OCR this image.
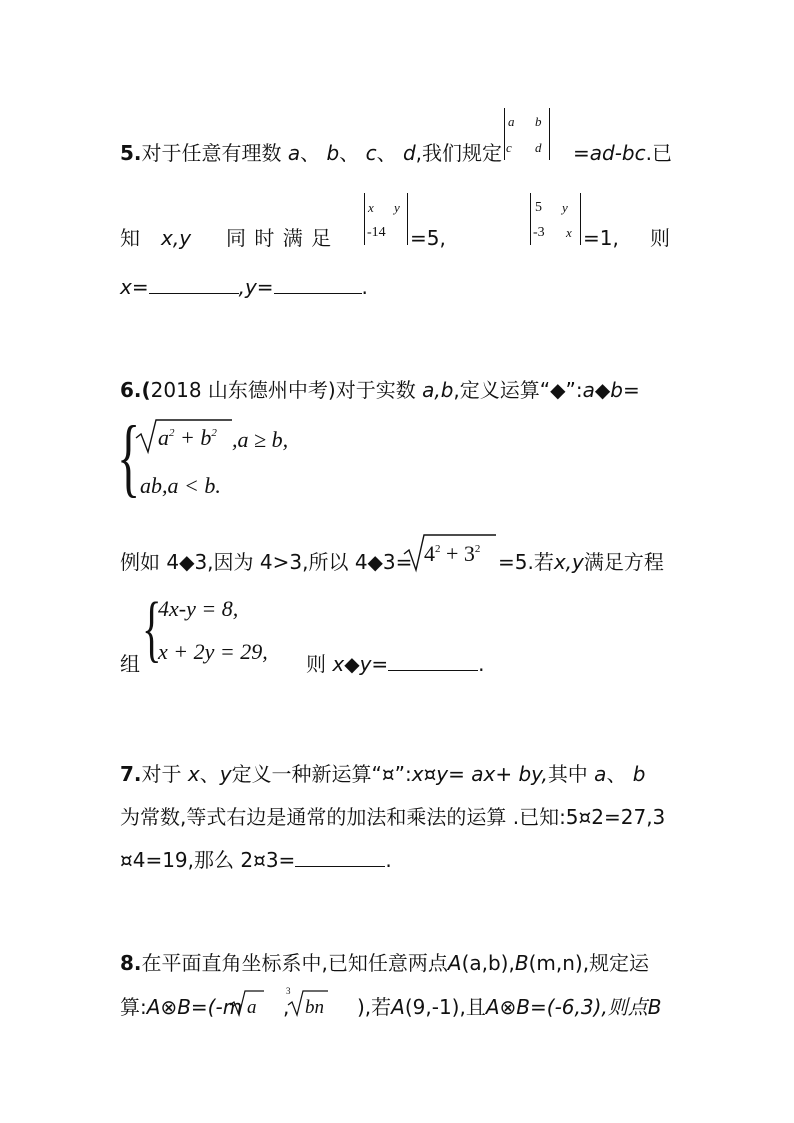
5.对于任意有理数 a、 b、 c、 d,我们规定
a b
c d =ad-bc.已
知 x,y 同 时 满 足
x y
-14 =5,
5 y
-3 x =1, 则
x=	,y=	.
6.(2018 山东德州中考)对于实数 a,b,定义运算“◆”:a◆b=
{ $a^2 + b^2$ ,a ≥ b,
ab,a < b.
例如 4◆3,因为 4>3,所以 4◆3= $4^2 + 3^2$
=5.若x,y满足方程
{
4x-y = 8,
x + 2y = 29,
组	则 x◆y=	.
7.对于 x、y定义一种新运算“¤”:x¤y= ax+ by,其中 a、 b
为常数,等式右边是通常的加法和乘法的运算 .已知:5¤2=27,3
¤4=19,那么 2¤3=	.
8.在平面直角坐标系中,已知任意两点A(a,b),B(m,n),规定运
算:A⊗B=(-m a ,
3
bn ),若A(9,-1),且A⊗B=(-6,3),则点B
